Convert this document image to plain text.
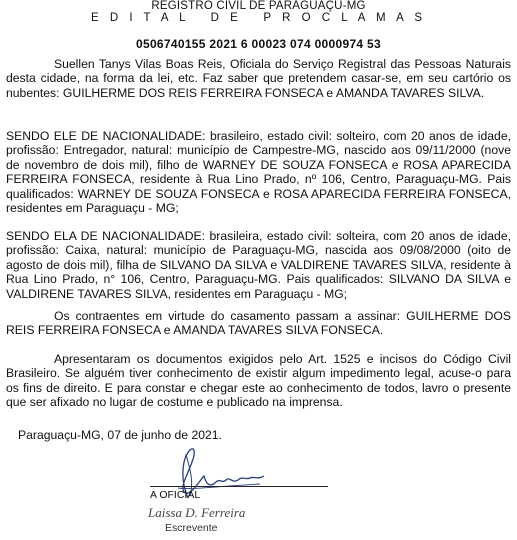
REGISTRO CIVIL DE PARAGUAÇU-MG
E D I T A L   D E   P R O C L A M A S
0506740155 2021 6 00023 074 0000974 53

Suellen Tanys Vilas Boas Reis, Oficiala do Serviço Registral das Pessoas Naturais desta cidade, na forma da lei, etc. Faz saber que pretendem casar-se, em seu cartório os nubentes: GUILHERME DOS REIS FERREIRA FONSECA e AMANDA TAVARES SILVA.

SENDO ELE DE NACIONALIDADE: brasileiro, estado civil: solteiro, com 20 anos de idade, profissão: Entregador, natural: município de Campestre-MG, nascido aos 09/11/2000 (nove de novembro de dois mil), filho de WARNEY DE SOUZA FONSECA e ROSA APARECIDA FERREIRA FONSECA, residente à Rua Lino Prado, nº 106, Centro, Paraguaçu-MG. Pais qualificados: WARNEY DE SOUZA FONSECA e ROSA APARECIDA FERREIRA FONSECA, residentes em Paraguaçu - MG;

SENDO ELA DE NACIONALIDADE: brasileira, estado civil: solteira, com 20 anos de idade, profissão: Caixa, natural: município de Paraguaçu-MG, nascida aos 09/08/2000 (oito de agosto de dois mil), filha de SILVANO DA SILVA e VALDIRENE TAVARES SILVA, residente à Rua Lino Prado, n° 106, Centro, Paraguaçu-MG. Pais qualificados: SILVANO DA SILVA e VALDIRENE TAVARES SILVA, residentes em Paraguaçu - MG;

Os contraentes em virtude do casamento passam a assinar: GUILHERME DOS REIS FERREIRA FONSECA e AMANDA TAVARES SILVA FONSECA.

Apresentaram os documentos exigidos pelo Art. 1525 e incisos do Código Civil Brasileiro. Se alguém tiver conhecimento de existir algum impedimento legal, acuse-o para os fins de direito. E para constar e chegar este ao conhecimento de todos, lavro o presente que ser afixado no lugar de costume e publicado na imprensa.

Paraguaçu-MG, 07 de junho de 2021.
A OFICIAL
Laissa D. Ferreira
Escrevente
